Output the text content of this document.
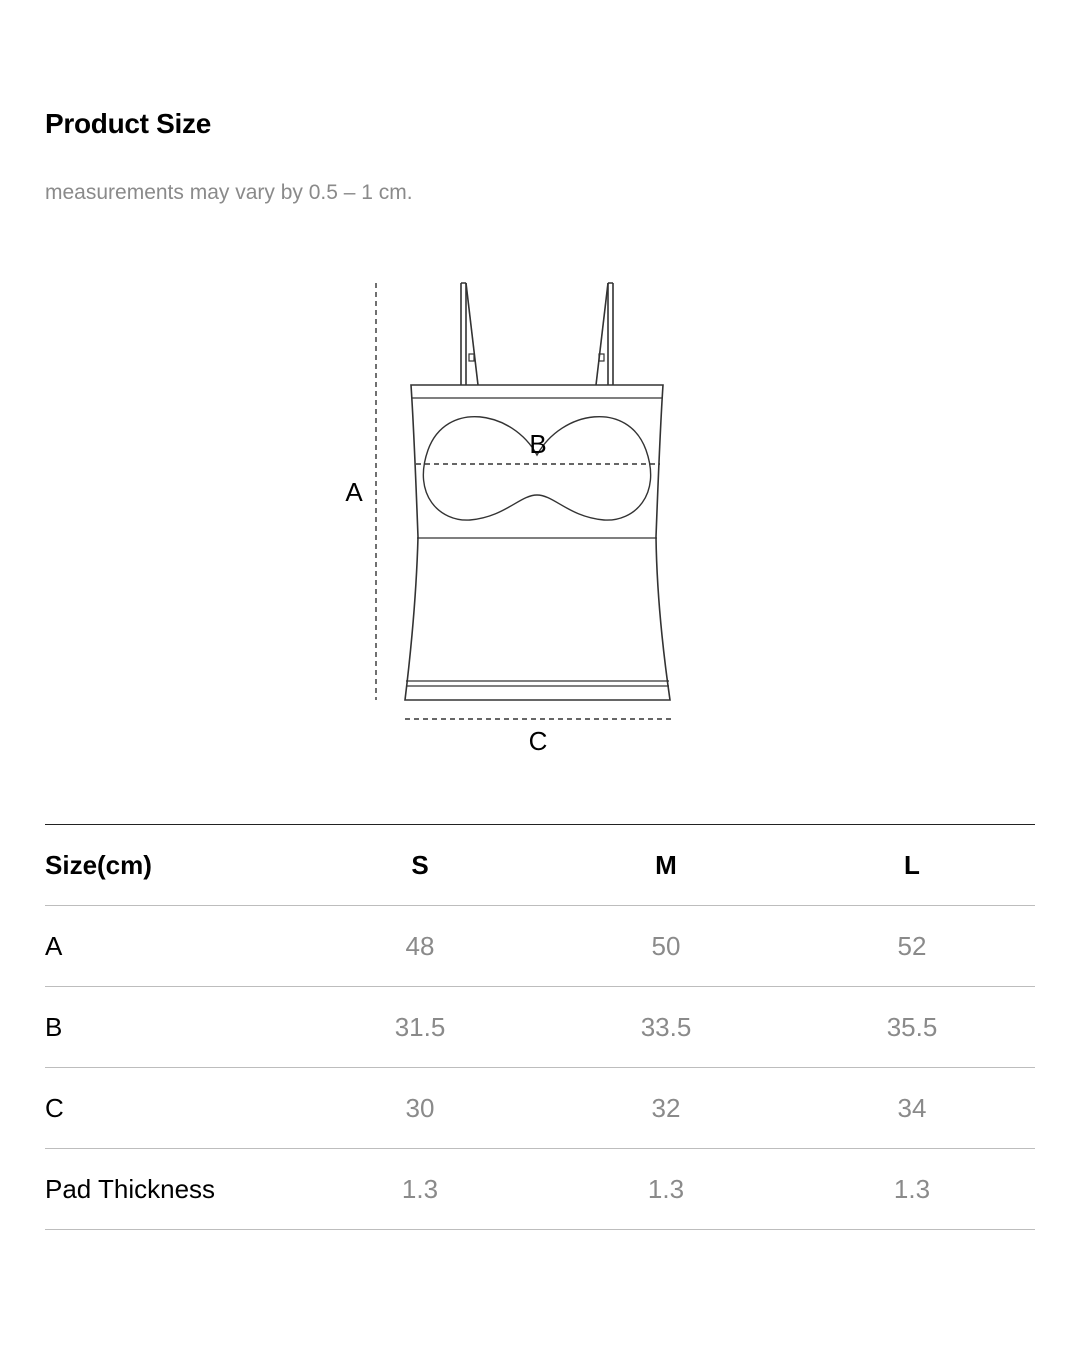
Product Size
measurements may vary by 0.5 – 1 cm.
A
B
C
Size(cm)	S	M	L
A	48	50	52
B	31.5	33.5	35.5
C	30	32	34
Pad Thickness	1.3	1.3	1.3
